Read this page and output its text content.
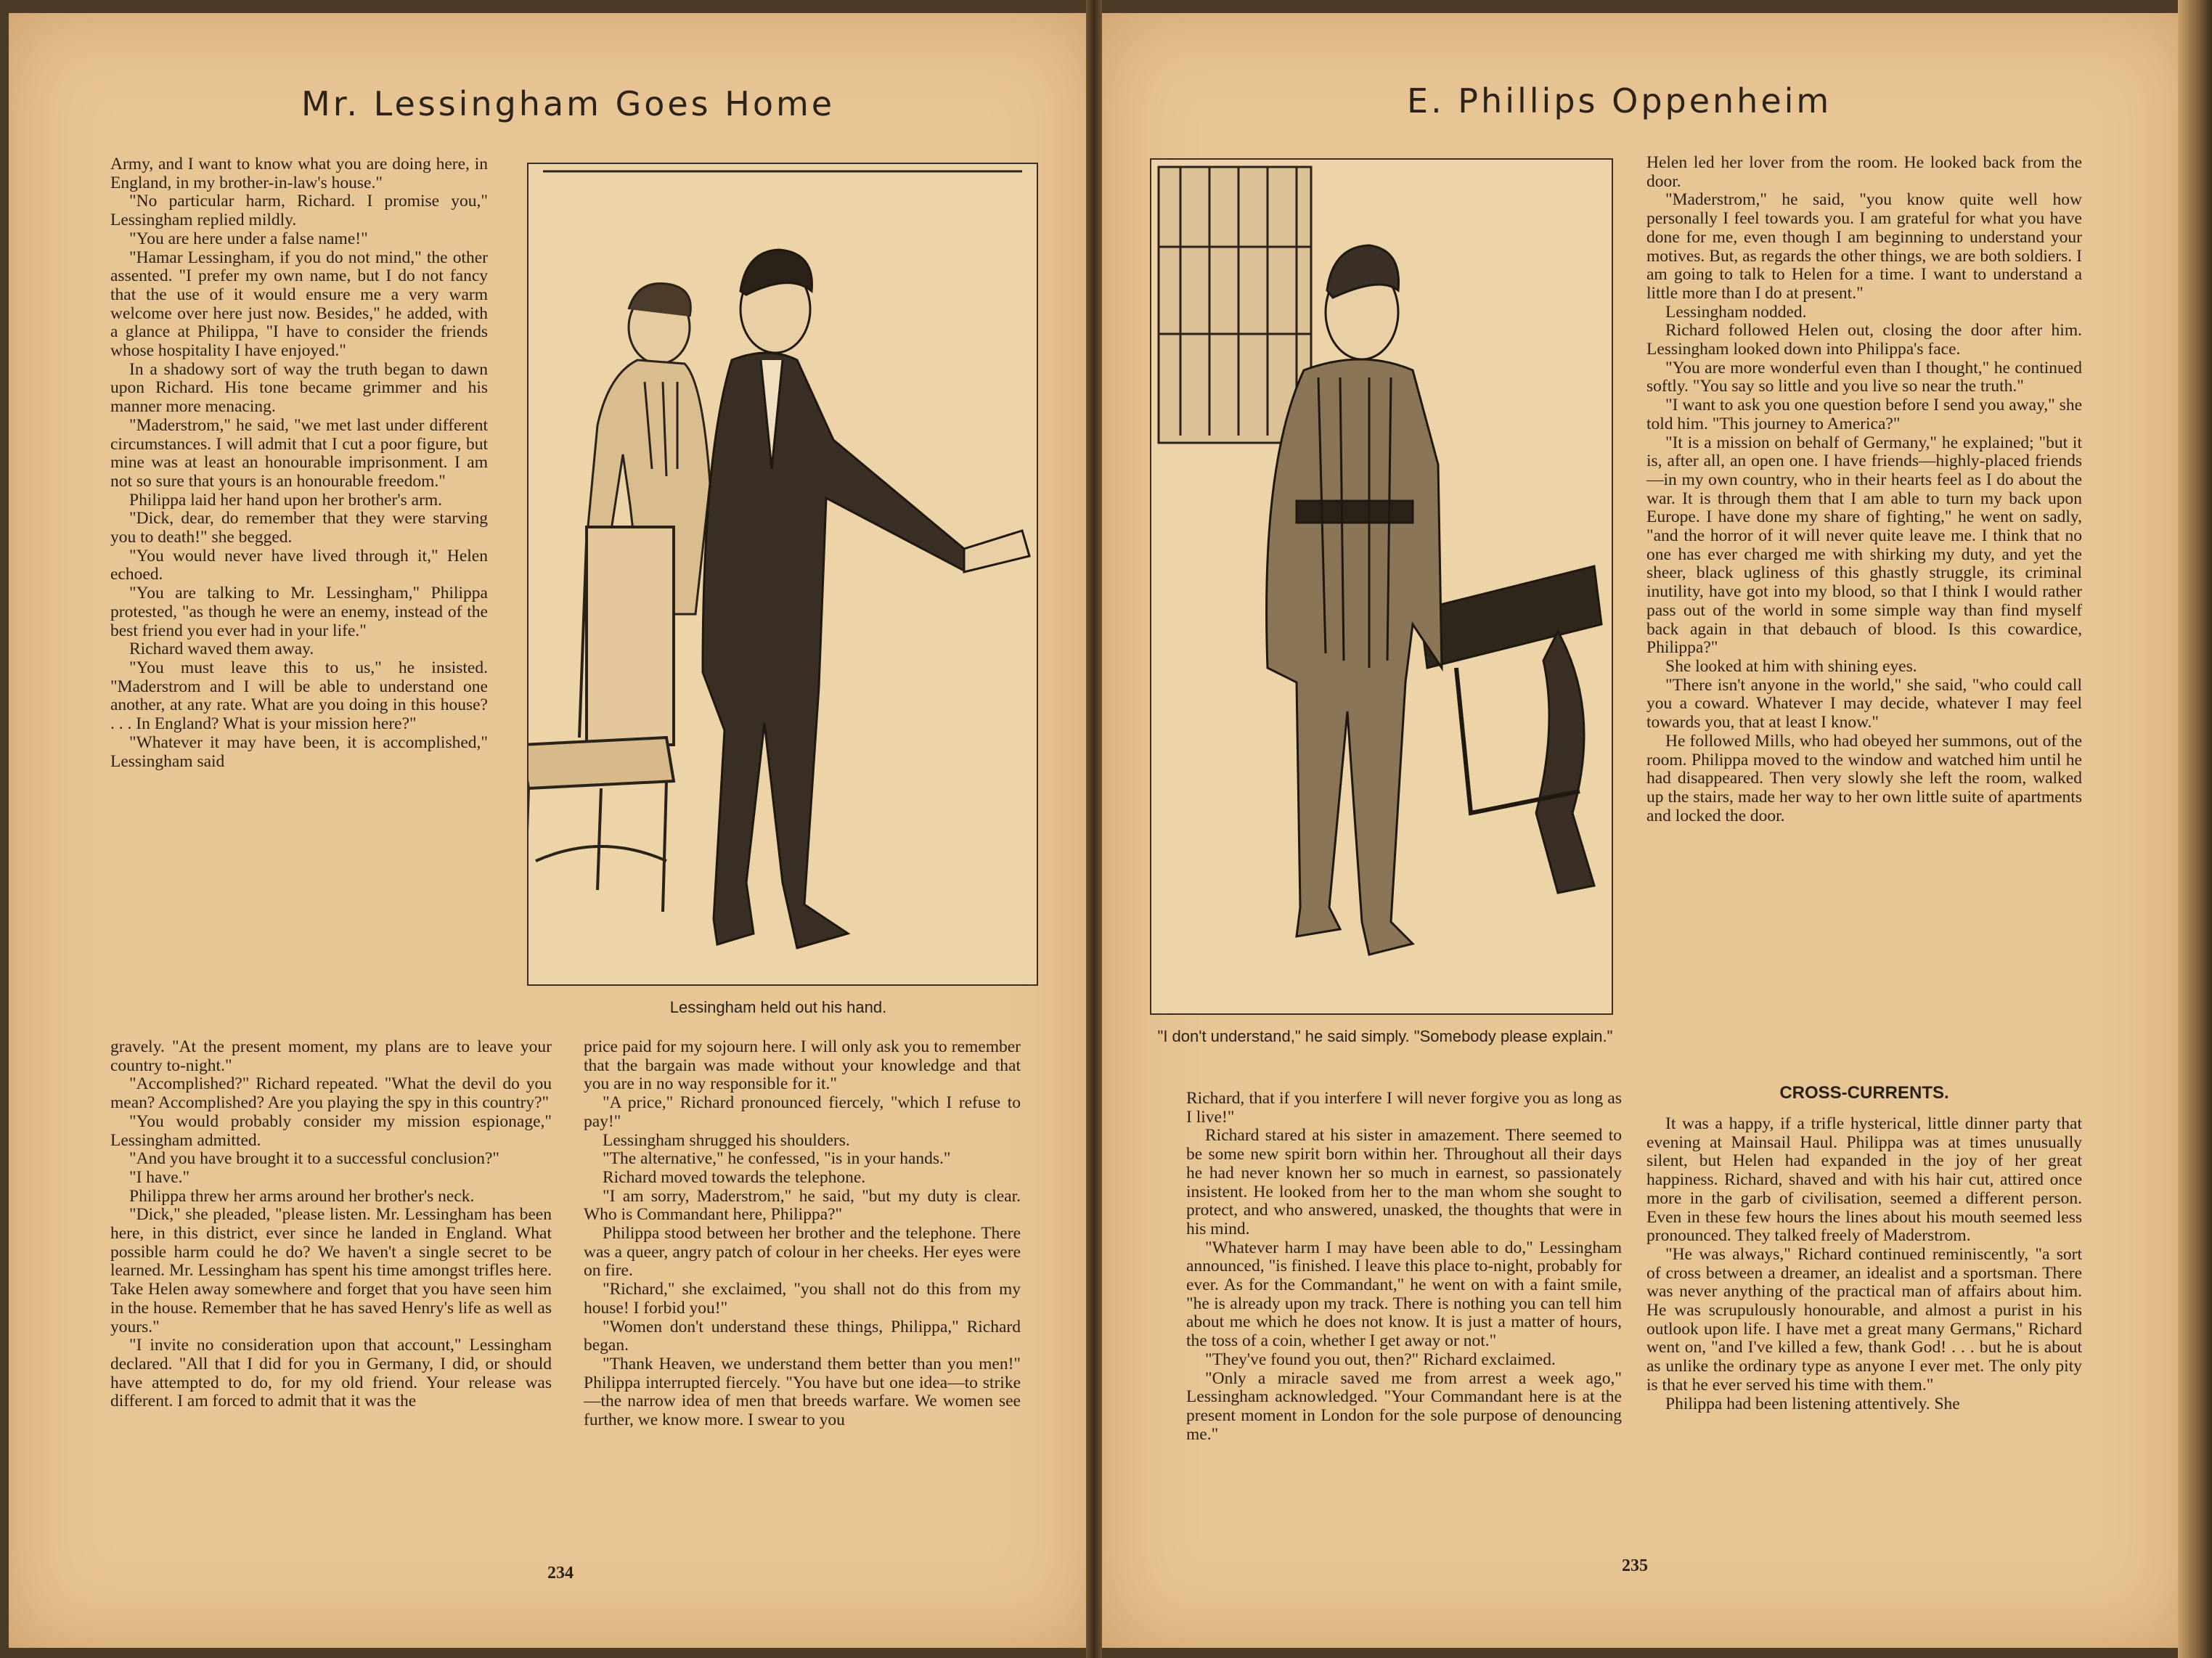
Mr. Lessingham Goes Home

Army, and I want to know what you are doing here, in England, in my brother-in-law's house."

"No particular harm, Richard. I promise you," Lessingham replied mildly.

"You are here under a false name!"

"Hamar Lessingham, if you do not mind," the other assented. "I prefer my own name, but I do not fancy that the use of it would ensure me a very warm welcome over here just now. Besides," he added, with a glance at Philippa, "I have to consider the friends whose hospitality I have enjoyed."

In a shadowy sort of way the truth began to dawn upon Richard. His tone became grimmer and his manner more menacing.

"Maderstrom," he said, "we met last under different circumstances. I will admit that I cut a poor figure, but mine was at least an honourable imprisonment. I am not so sure that yours is an honourable freedom."

Philippa laid her hand upon her brother's arm.

"Dick, dear, do remember that they were starving you to death!" she begged.

"You would never have lived through it," Helen echoed.

"You are talking to Mr. Lessingham," Philippa protested, "as though he were an enemy, instead of the best friend you ever had in your life."

Richard waved them away.

"You must leave this to us," he insisted. "Maderstrom and I will be able to understand one another, at any rate. What are you doing in this house? . . . In England? What is your mission here?"

"Whatever it may have been, it is accomplished," Lessingham said

gravely. "At the present moment, my plans are to leave your country to-night."

"Accomplished?" Richard repeated. "What the devil do you mean? Accomplished? Are you playing the spy in this country?"

"You would probably consider my mission espionage," Lessingham admitted.

"And you have brought it to a successful conclusion?"

"I have."

Philippa threw her arms around her brother's neck.

"Dick," she pleaded, "please listen. Mr. Lessingham has been here, in this district, ever since he landed in England. What possible harm could he do? We haven't a single secret to be learned. Mr. Lessingham has spent his time amongst trifles here. Take Helen away somewhere and forget that you have seen him in the house. Remember that he has saved Henry's life as well as yours."

"I invite no consideration upon that account," Lessingham declared. "All that I did for you in Germany, I did, or should have attempted to do, for my old friend. Your release was different. I am forced to admit that it was the

price paid for my sojourn here. I will only ask you to remember that the bargain was made without your knowledge and that you are in no way responsible for it."

"A price," Richard pronounced fiercely, "which I refuse to pay!"

Lessingham shrugged his shoulders.

"The alternative," he confessed, "is in your hands."

Richard moved towards the telephone.

"I am sorry, Maderstrom," he said, "but my duty is clear. Who is Commandant here, Philippa?"

Philippa stood between her brother and the telephone. There was a queer, angry patch of colour in her cheeks. Her eyes were on fire.

"Richard," she exclaimed, "you shall not do this from my house! I forbid you!"

"Women don't understand these things, Philippa," Richard began.

"Thank Heaven, we understand them better than you men!" Philippa interrupted fiercely. "You have but one idea—to strike—the narrow idea of men that breeds warfare. We women see further, we know more. I swear to you

Lessingham held out his hand.
234
E. Phillips Oppenheim
"I don't understand," he said simply. "Somebody please explain."

Richard, that if you interfere I will never forgive you as long as I live!"

Richard stared at his sister in amazement. There seemed to be some new spirit born within her. Throughout all their days he had never known her so much in earnest, so passionately insistent. He looked from her to the man whom she sought to protect, and who answered, unasked, the thoughts that were in his mind.

"Whatever harm I may have been able to do," Lessingham announced, "is finished. I leave this place to-night, probably for ever. As for the Commandant," he went on with a faint smile, "he is already upon my track. There is nothing you can tell him about me which he does not know. It is just a matter of hours, the toss of a coin, whether I get away or not."

"They've found you out, then?" Richard exclaimed.

"Only a miracle saved me from arrest a week ago," Lessingham acknowledged. "Your Commandant here is at the present moment in London for the sole purpose of denouncing me."

Helen led her lover from the room. He looked back from the door.

"Maderstrom," he said, "you know quite well how personally I feel towards you. I am grateful for what you have done for me, even though I am beginning to understand your motives. But, as regards the other things, we are both soldiers. I am going to talk to Helen for a time. I want to understand a little more than I do at present."

Lessingham nodded.

Richard followed Helen out, closing the door after him. Lessingham looked down into Philippa's face.

"You are more wonderful even than I thought," he continued softly. "You say so little and you live so near the truth."

"I want to ask you one question before I send you away," she told him. "This journey to America?"

"It is a mission on behalf of Germany," he explained; "but it is, after all, an open one. I have friends—highly-placed friends—in my own country, who in their hearts feel as I do about the war. It is through them that I am able to turn my back upon Europe. I have done my share of fighting," he went on sadly, "and the horror of it will never quite leave me. I think that no one has ever charged me with shirking my duty, and yet the sheer, black ugliness of this ghastly struggle, its criminal inutility, have got into my blood, so that I think I would rather pass out of the world in some simple way than find myself back again in that debauch of blood. Is this cowardice, Philippa?"

She looked at him with shining eyes.

"There isn't anyone in the world," she said, "who could call you a coward. Whatever I may decide, whatever I may feel towards you, that at least I know."

He followed Mills, who had obeyed her summons, out of the room. Philippa moved to the window and watched him until he had disappeared. Then very slowly she left the room, walked up the stairs, made her way to her own little suite of apartments and locked the door.

CROSS-CURRENTS.

It was a happy, if a trifle hysterical, little dinner party that evening at Mainsail Haul. Philippa was at times unusually silent, but Helen had expanded in the joy of her great happiness. Richard, shaved and with his hair cut, attired once more in the garb of civilisation, seemed a different person. Even in these few hours the lines about his mouth seemed less pronounced. They talked freely of Maderstrom.

"He was always," Richard continued reminiscently, "a sort of cross between a dreamer, an idealist and a sportsman. There was never anything of the practical man of affairs about him. He was scrupulously honourable, and almost a purist in his outlook upon life. I have met a great many Germans," Richard went on, "and I've killed a few, thank God! . . . but he is about as unlike the ordinary type as anyone I ever met. The only pity is that he ever served his time with them."

Philippa had been listening attentively. She

235
